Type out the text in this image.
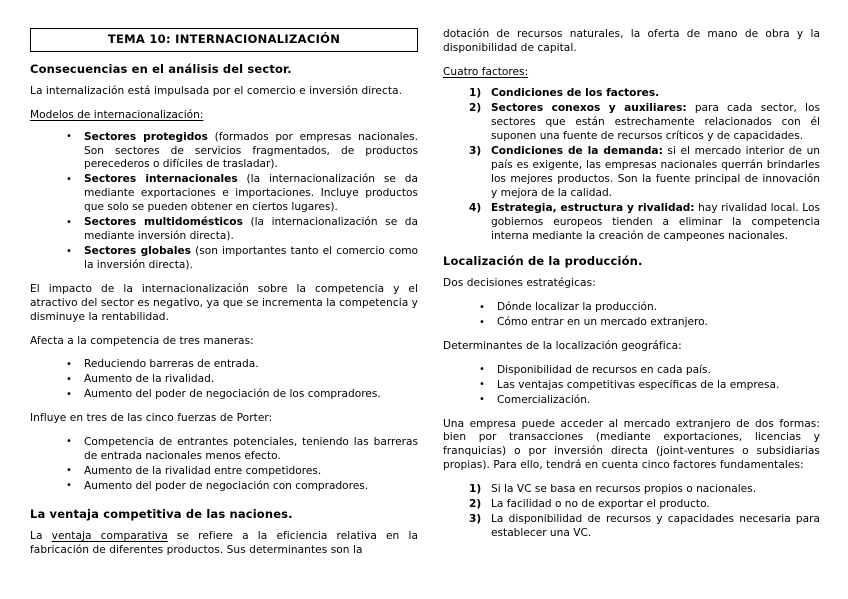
TEMA 10: INTERNACIONALIZACIÓN
Consecuencias en el análisis del sector.

La internalización está impulsada por el comercio e inversión directa.

Modelos de internacionalización:
• Sectores protegidos (formados por empresas nacionales. Son sectores de servicios fragmentados, de productos perecederos o difíciles de trasladar).
• Sectores internacionales (la internacionalización se da mediante exportaciones e importaciones. Incluye productos que solo se pueden obtener en ciertos lugares).
• Sectores multidomésticos (la internacionalización se da mediante inversión directa).
• Sectores globales (son importantes tanto el comercio como la inversión directa).

El impacto de la internacionalización sobre la competencia y el atractivo del sector es negativo, ya que se incrementa la competencia y disminuye la rentabilidad.

Afecta a la competencia de tres maneras:

• Reduciendo barreras de entrada.
• Aumento de la rivalidad.
• Aumento del poder de negociación de los compradores.

Influye en tres de las cinco fuerzas de Porter:

• Competencia de entrantes potenciales, teniendo las barreras de entrada nacionales menos efecto.
• Aumento de la rivalidad entre competidores.
• Aumento del poder de negociación con compradores.
La ventaja competitiva de las naciones.

La ventaja comparativa se refiere a la eficiencia relativa en la fabricación de diferentes productos. Sus determinantes son la

dotación de recursos naturales, la oferta de mano de obra y la disponibilidad de capital.

Cuatro factores:
Condiciones de los factores.
Sectores conexos y auxiliares: para cada sector, los sectores que están estrechamente relacionados con él suponen una fuente de recursos críticos y de capacidades.
Condiciones de la demanda: si el mercado interior de un país es exigente, las empresas nacionales querrán brindarles los mejores productos. Son la fuente principal de innovación y mejora de la calidad.
Estrategia, estructura y rivalidad: hay rivalidad local. Los gobiernos europeos tienden a eliminar la competencia interna mediante la creación de campeones nacionales.
Localización de la producción.

Dos decisiones estratégicas:

• Dónde localizar la producción.
• Cómo entrar en un mercado extranjero.

Determinantes de la localización geográfica:

• Disponibilidad de recursos en cada país.
• Las ventajas competitivas específicas de la empresa.
• Comercialización.

Una empresa puede acceder al mercado extranjero de dos formas: bien por transacciones (mediante exportaciones, licencias y franquicias) o por inversión directa (joint-ventures o subsidiarias propias). Para ello, tendrá en cuenta cinco factores fundamentales:

Si la VC se basa en recursos propios o nacionales.
La facilidad o no de exportar el producto.
La disponibilidad de recursos y capacidades necesaria para establecer una VC.
